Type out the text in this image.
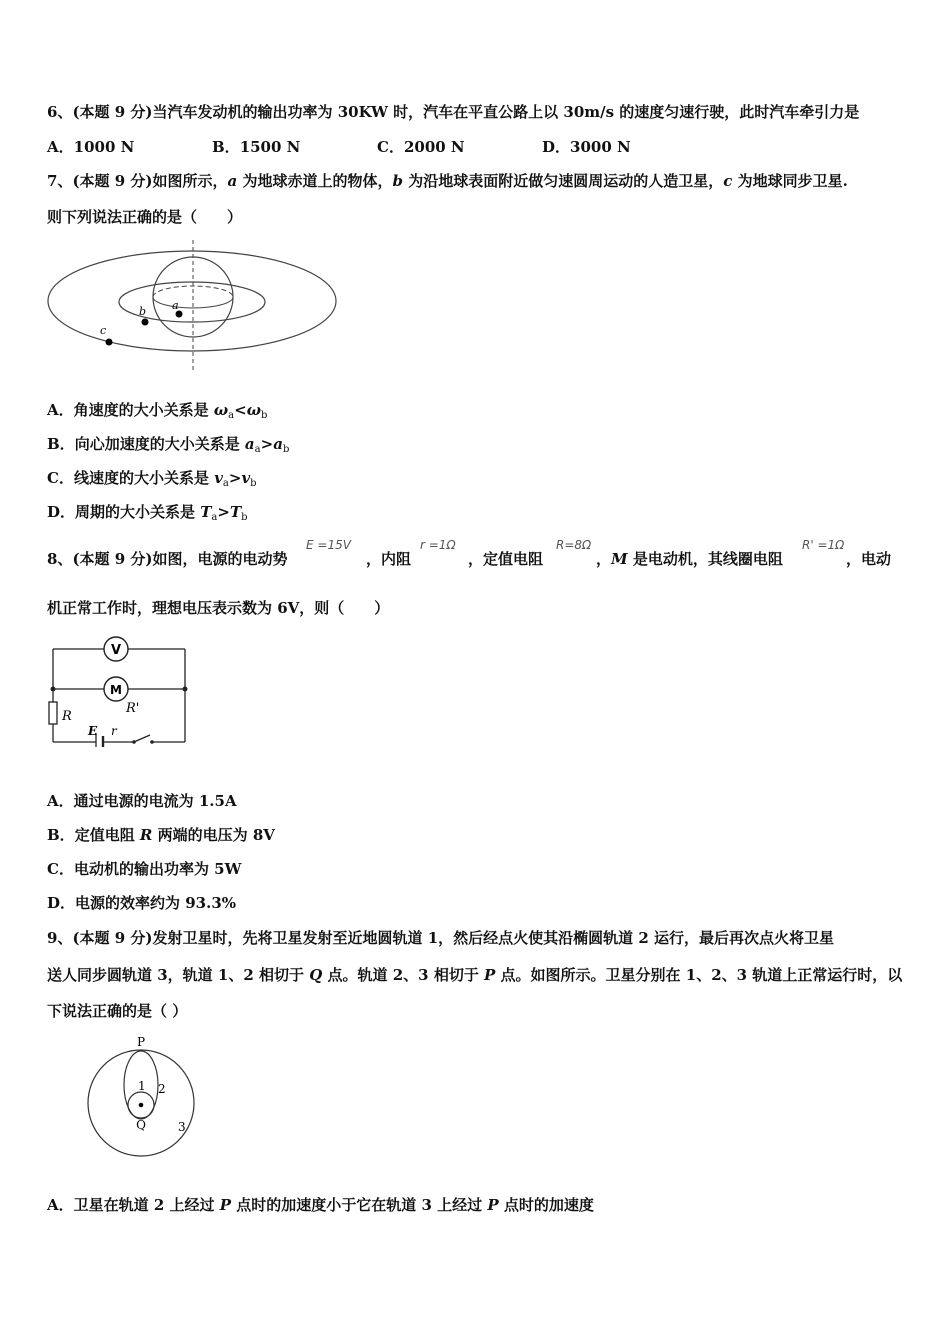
6、(本题 9 分)当汽车发动机的输出功率为 30KW 时，汽车在平直公路上以 30m/s 的速度匀速行驶，此时汽车牵引力是
A．1000 N	B．1500 N	C．2000 N	D．3000 N
7、(本题 9 分)如图所示，a 为地球赤道上的物体，b 为沿地球表面附近做匀速圆周运动的人造卫星，c 为地球同步卫星.
则下列说法正确的是（　　）
a
b
c
A．角速度的大小关系是 $\omega_a<\omega_b$
B．向心加速度的大小关系是 $a_a>a_b$
C．线速度的大小关系是 $v_a>v_b$
D．周期的大小关系是 $T_a>T_b$
8、(本题 9 分)如图，电源的电动势
E =15V
，内阻
r =1Ω
，定值电阻
R=8Ω
，M 是电动机，其线圈电阻
R' =1Ω
，电动
机正常工作时，理想电压表示数为 6V，则（　　）
V
M
R
R'
E r
A．通过电源的电流为 1.5A
B．定值电阻 R 两端的电压为 8V
C．电动机的输出功率为 5W
D．电源的效率约为 93.3%
9、(本题 9 分)发射卫星时，先将卫星发射至近地圆轨道 1，然后经点火使其沿椭圆轨道 2 运行，最后再次点火将卫星
送人同步圆轨道 3，轨道 1、2 相切于 Q 点。轨道 2、3 相切于 P 点。如图所示。卫星分别在 1、2、3 轨道上正常运行时，以
下说法正确的是（ ）
P
Q
1 2
3
A．卫星在轨道 2 上经过 P 点时的加速度小于它在轨道 3 上经过 P 点时的加速度
